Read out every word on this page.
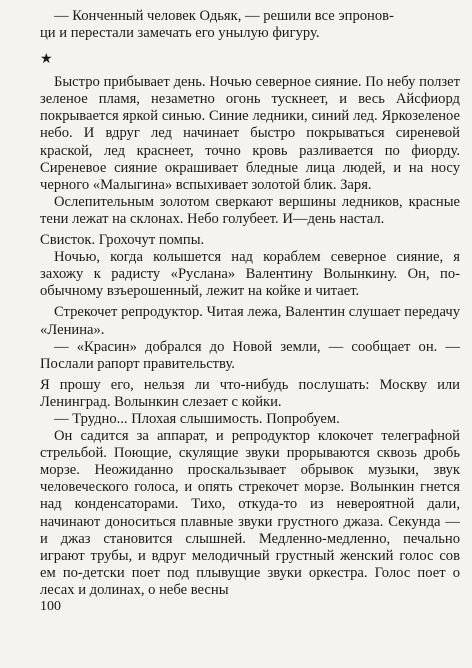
— Конченный человек Одьяк, — решили все эпронов-

ци и перестали замечать его унылую фигуру.

★

Быстро прибывает день. Ночью северное сияние. По небу ползет зеленое пламя, незаметно огонь тускнеет, и весь Айсфиорд покрывается яркой синью. Синие ледники, синий лед. Яркозеленое небо. И вдруг лед начинает быстро покрываться сиреневой краской, лед краснеет, точно кровь разливается по фиорду. Сиреневое сияние окрашивает бледные лица людей, и на носу черного «Малыгина» вспыхивает золотой блик. Заря.

Ослепительным золотом сверкают вершины ледников, красные тени лежат на склонах. Небо голубеет. И—день настал.

Свисток. Грохочут помпы.

Ночью, когда колышется над кораблем северное сияние, я захожу к радисту «Руслана» Валентину Волынкину. Он, по-обычному взъерошенный, лежит на койке и читает.

Стрекочет репродуктор. Читая лежа, Валентин слушает передачу «Ленина».

— «Красин» добрался до Новой земли, — сообщает он. — Послали рапорт правительству.

Я прошу его, нельзя ли что-нибудь послушать: Москву или Ленинград. Волынкин слезает с койки.

— Трудно... Плохая слышимость. Попробуем.

Он садится за аппарат, и репродуктор клокочет телеграфной стрельбой. Поющие, скулящие звуки прорываются сквозь дробь морзе. Неожиданно проскальзывает обрывок музыки, звук человеческого голоса, и опять стрекочет морзе. Волынкин гнется над конденсаторами. Тихо, откуда-то из невероятной дали, начинают доноситься плавные звуки грустного джаза. Секунда — и джаз становится слышней. Медленно-медленно, печально играют трубы, и вдруг мелодичный грустный женский голос сов ем по-детски поет под плывущие звуки оркестра. Голос поет о лесах и долинах, о небе весны

100
